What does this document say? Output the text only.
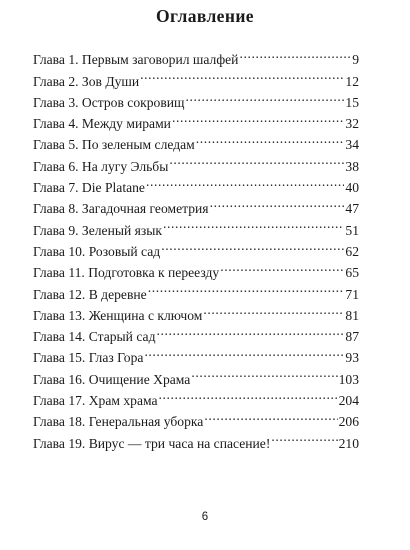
Оглавление
Глава 1. Первым заговорил шалфей .....	9
Глава 2. Зов Души .....	12
Глава 3. Остров сокровищ .....	15
Глава 4. Между мирами .....	32
Глава 5. По зеленым следам .....	34
Глава 6. На лугу Эльбы .....	38
Глава 7. Die Platane .....	40
Глава 8. Загадочная геометрия .....	47
Глава 9. Зеленый язык .....	51
Глава 10. Розовый сад .....	62
Глава 11. Подготовка к переезду .....	65
Глава 12. В деревне .....	71
Глава 13. Женщина с ключом .....	81
Глава 14. Старый сад .....	87
Глава 15. Глаз Гора .....	93
Глава 16. Очищение Храма .....	103
Глава 17. Храм храма .....	204
Глава 18. Генеральная уборка .....	206
Глава 19. Вирус — три часа на спасение! .....	210
6
